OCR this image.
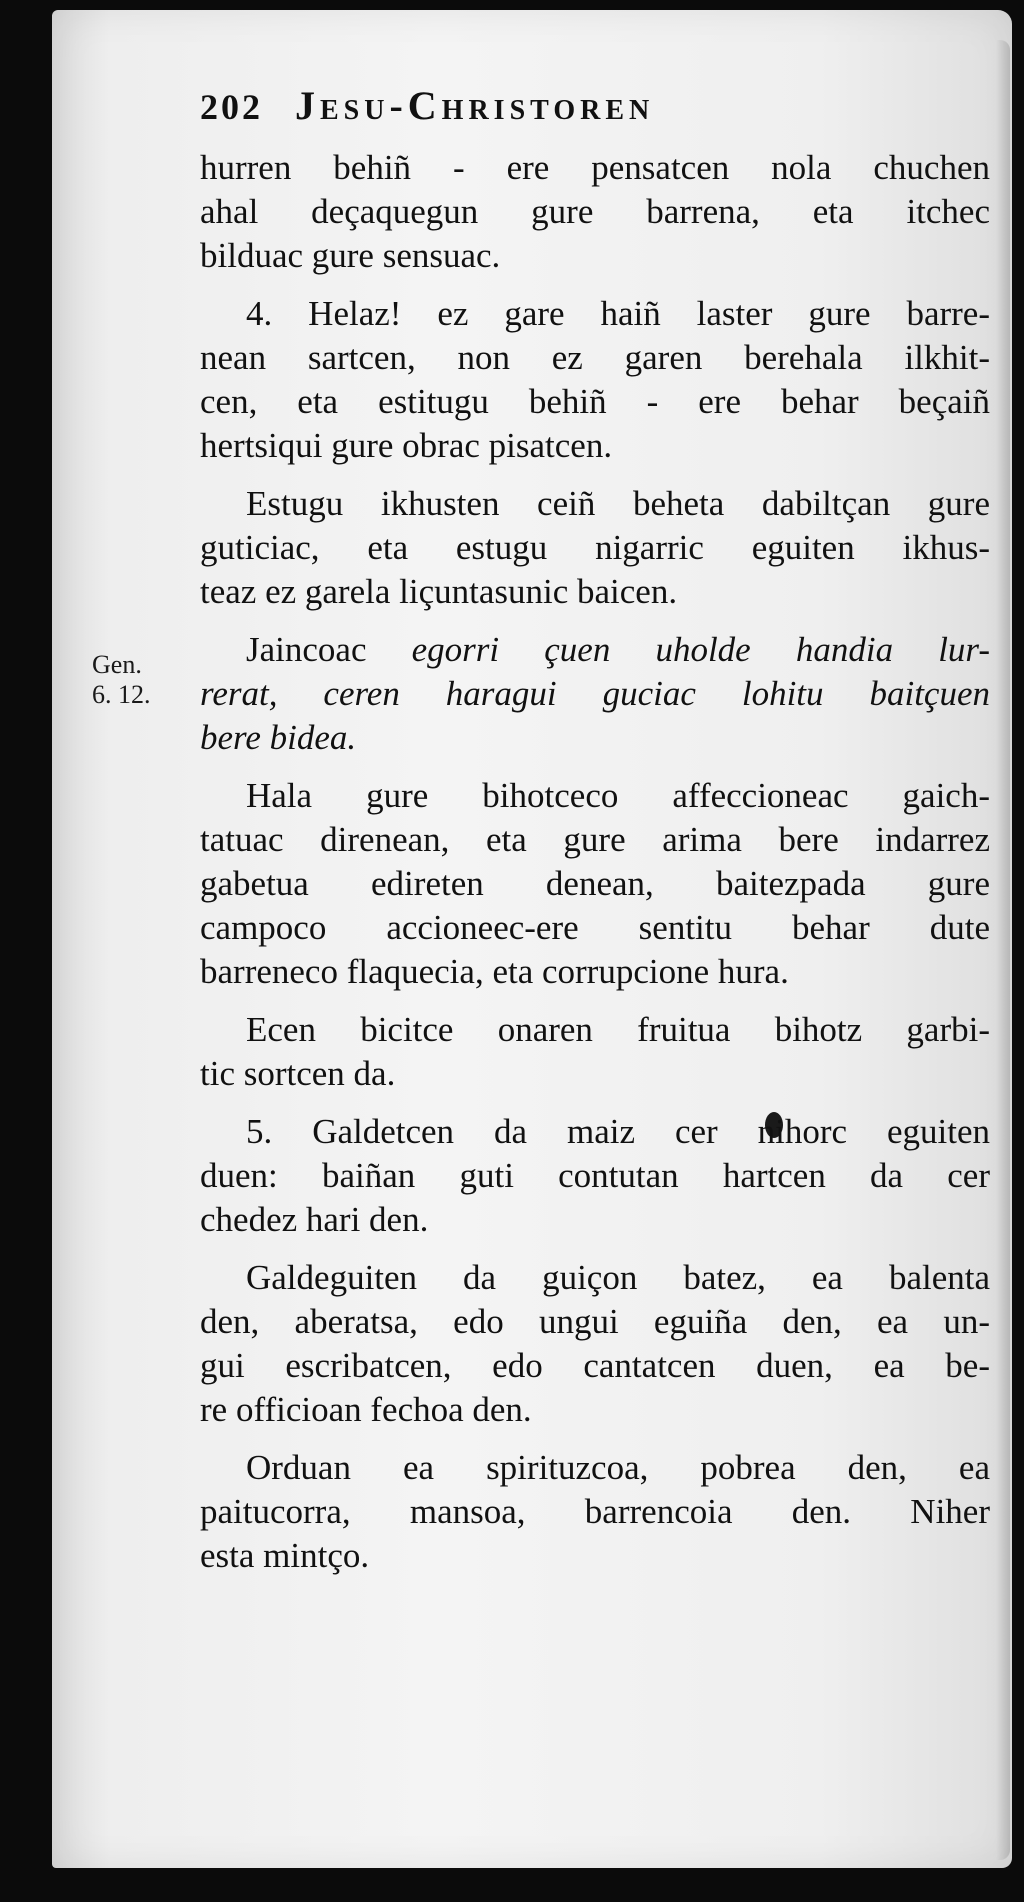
Gen.
6. 12.
202 Jesu-Christoren
hurren behiñ - ere pensatcen nola chuchen
ahal deçaquegun gure barrena, eta itchec
bilduac gure sensuac.
4. Helaz! ez gare haiñ laster gure barre-
nean sartcen, non ez garen berehala ilkhit-
cen, eta estitugu behiñ - ere behar beçaiñ
hertsiqui gure obrac pisatcen.
Estugu ikhusten ceiñ beheta dabiltçan gure
guticiac, eta estugu nigarric eguiten ikhus-
teaz ez garela liçuntasunic baicen.
Jaincoac egorri çuen uholde handia lur-
rerat, ceren haragui guciac lohitu baitçuen
bere bidea.
Hala gure bihotceco affeccioneac gaich-
tatuac direnean, eta gure arima bere indarrez
gabetua edireten denean, baitezpada gure
campoco accioneec-ere sentitu behar dute
barreneco flaquecia, eta corrupcione hura.
Ecen bicitce onaren fruitua bihotz garbi-
tic sortcen da.
5. Galdetcen da maiz cer nihorc eguiten
duen: baiñan guti contutan hartcen da cer
chedez hari den.
Galdeguiten da guiçon batez, ea balenta
den, aberatsa, edo ungui eguiña den, ea un-
gui escribatcen, edo cantatcen duen, ea be-
re officioan fechoa den.
Orduan ea spirituzcoa, pobrea den, ea
paitucorra, mansoa, barrencoia den. Niher
esta mintço.
